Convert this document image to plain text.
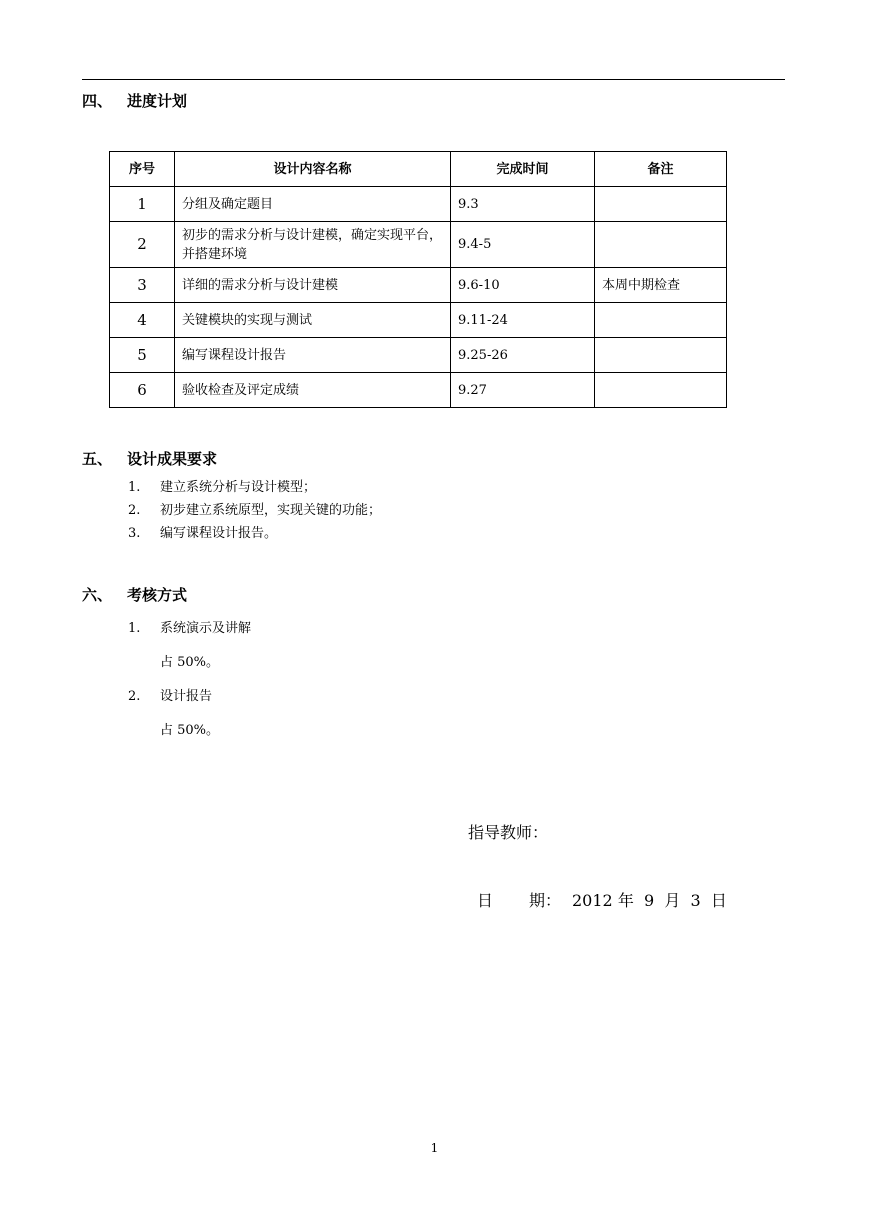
四、 进度计划
序号	设计内容名称	完成时间	备注
1	分组及确定题目	9.3	
2	初步的需求分析与设计建模，确定实现平台，并搭建环境	9.4-5	
3	详细的需求分析与设计建模	9.6-10	本周中期检查
4	关键模块的实现与测试	9.11-24	
5	编写课程设计报告	9.25-26	
6	验收检查及评定成绩	9.27	
五、 设计成果要求
1. 建立系统分析与设计模型；
2. 初步建立系统原型，实现关键的功能；
3. 编写课程设计报告。
六、 考核方式
1. 系统演示及讲解
占 50%。
2. 设计报告
占 50%。
指导教师：
日 期： 2012 年 9 月 3 日
1
